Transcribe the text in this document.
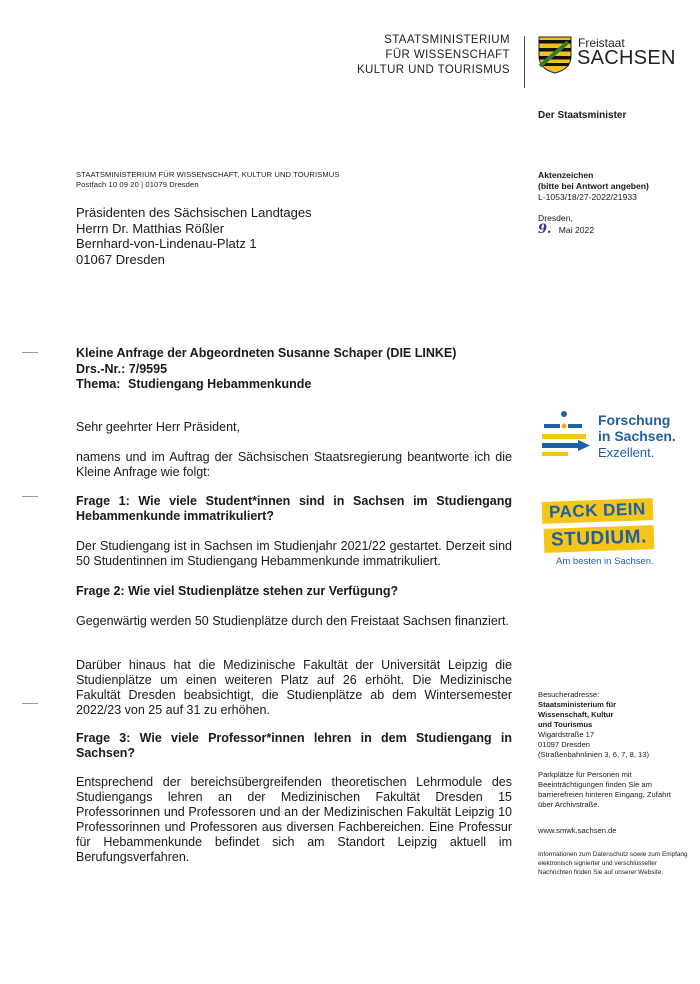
STAATSMINISTERIUM
FÜR WISSENSCHAFT
KULTUR UND TOURISMUS
Freistaat
SACHSEN
Der Staatsminister
STAATSMINISTERIUM FÜR WISSENSCHAFT, KULTUR UND TOURISMUS
Postfach 10 09 20 | 01079 Dresden
Präsidenten des Sächsischen Landtages
Herrn Dr. Matthias Rößler
Bernhard-von-Lindenau-Platz 1
01067 Dresden
Aktenzeichen
(bitte bei Antwort angeben)
L-1053/18/27-2022/21933
Dresden,
9. Mai 2022
Kleine Anfrage der Abgeordneten Susanne Schaper (DIE LINKE)
Drs.-Nr.: 7/9595
Thema: Studiengang Hebammenkunde
Sehr geehrter Herr Präsident,
namens und im Auftrag der Sächsischen Staatsregierung beantworte ich die Kleine Anfrage wie folgt:
Frage 1: Wie viele Student*innen sind in Sachsen im Studiengang Hebammenkunde immatrikuliert?
Der Studiengang ist in Sachsen im Studienjahr 2021/22 gestartet. Derzeit sind 50 Studentinnen im Studiengang Hebammenkunde immatrikuliert.
Frage 2: Wie viel Studienplätze stehen zur Verfügung?
Gegenwärtig werden 50 Studienplätze durch den Freistaat Sachsen finanziert.
Darüber hinaus hat die Medizinische Fakultät der Universität Leipzig die Studienplätze um einen weiteren Platz auf 26 erhöht. Die Medizinische Fakultät Dresden beabsichtigt, die Studienplätze ab dem Wintersemester 2022/23 von 25 auf 31 zu erhöhen.
Frage 3: Wie viele Professor*innen lehren in dem Studiengang in Sachsen?
Entsprechend der bereichsübergreifenden theoretischen Lehrmodule des Studiengangs lehren an der Medizinischen Fakultät Dresden 15 Professorinnen und Professoren und an der Medizinischen Fakultät Leipzig 10 Professorinnen und Professoren aus diversen Fachbereichen. Eine Professur für Hebammenkunde befindet sich am Standort Leipzig aktuell im Berufungsverfahren.
Forschung
in Sachsen.
Exzellent.
PACK DEIN
STUDIUM.
Am besten in Sachsen.
Besucheradresse:
Staatsministerium für
Wissenschaft, Kultur
und Tourismus
Wigardstraße 17
01097 Dresden
(Straßenbahnlinien 3, 6, 7, 8, 13)
Parkplätze für Personen mit Beeinträchtigungen finden Sie am barrierefreien hinteren Eingang, Zufahrt über Archivstraße.
www.smwk.sachsen.de
Informationen zum Datenschutz sowie zum Empfang elektronisch signierter und verschlüsselter Nachrichten finden Sie auf unserer Website.
